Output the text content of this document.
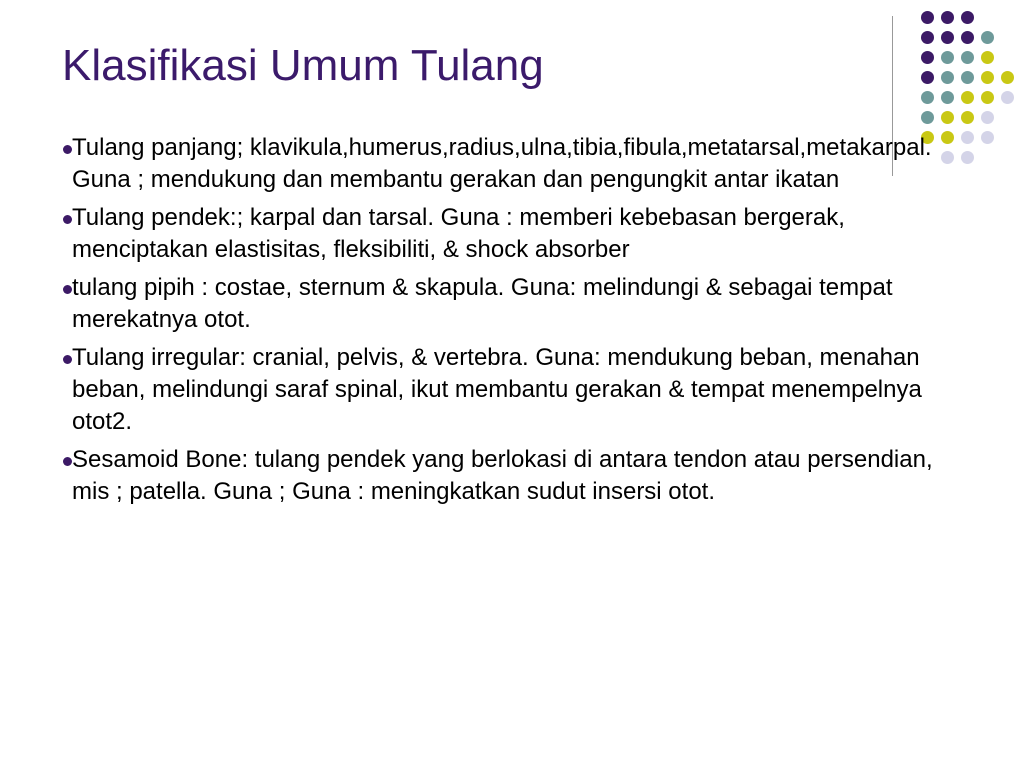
Klasifikasi Umum Tulang
Tulang panjang; klavikula,humerus,radius,ulna,tibia,fibula,metatarsal,metakarpal. Guna ; mendukung dan membantu gerakan dan pengungkit antar ikatan
Tulang pendek:; karpal dan tarsal. Guna : memberi kebebasan bergerak, menciptakan elastisitas, fleksibiliti, & shock absorber
tulang pipih : costae, sternum & skapula. Guna: melindungi & sebagai tempat merekatnya otot.
Tulang irregular: cranial, pelvis, & vertebra. Guna: mendukung beban, menahan beban, melindungi saraf spinal, ikut membantu gerakan & tempat menempelnya otot2.
Sesamoid Bone: tulang pendek yang berlokasi di antara tendon atau persendian, mis ; patella. Guna ; Guna : meningkatkan sudut insersi otot.
